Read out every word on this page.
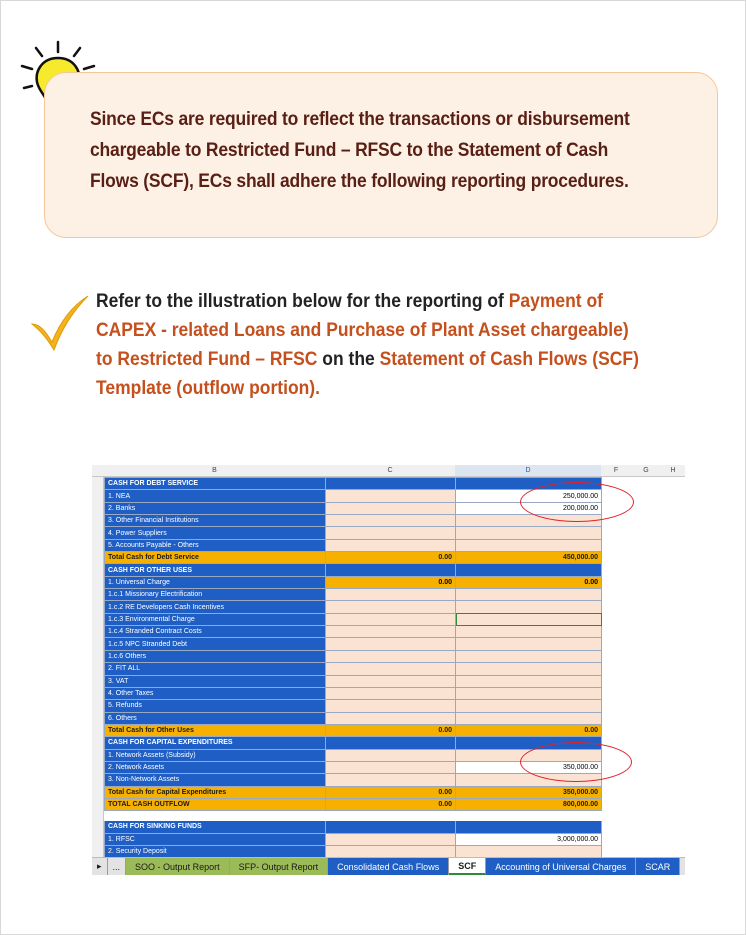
Since ECs are required to reflect the transactions or disbursement chargeable to Restricted Fund – RFSC to the Statement of Cash Flows (SCF), ECs shall adhere the following reporting procedures.
Refer to the illustration below for the reporting of Payment of CAPEX - related Loans and Purchase of Plant Asset chargeable) to Restricted Fund – RFSC on the Statement of Cash Flows (SCF) Template (outflow portion).
B	C	D	F	G	H
CASH FOR DEBT SERVICE		
1. NEA		250,000.00
2. Banks		200,000.00
3. Other Financial Institutions		
4. Power Suppliers		
5. Accounts Payable - Others		
Total Cash for Debt Service	0.00	450,000.00
CASH FOR OTHER USES		
1. Universal Charge	0.00	0.00
1.c.1 Missionary Electrification		
1.c.2 RE Developers Cash Incentives		
1.c.3 Environmental Charge		
1.c.4 Stranded Contract Costs		
1.c.5 NPC Stranded Debt		
1.c.6 Others		
2. FIT ALL		
3. VAT		
4. Other Taxes		
5. Refunds		
6. Others		
Total Cash for Other Uses	0.00	0.00
CASH FOR CAPITAL EXPENDITURES		
1. Network Assets (Subsidy)		
2. Network Assets		350,000.00
3. Non-Network Assets		
Total Cash for Capital Expenditures	0.00	350,000.00
TOTAL CASH OUTFLOW	0.00	800,000.00

CASH FOR SINKING FUNDS		
1. RFSC		3,000,000.00
2. Security Deposit		
▸	...	SOO - Output Report	SFP- Output Report	Consolidated Cash Flows	SCF	Accounting of Universal Charges	SCAR
